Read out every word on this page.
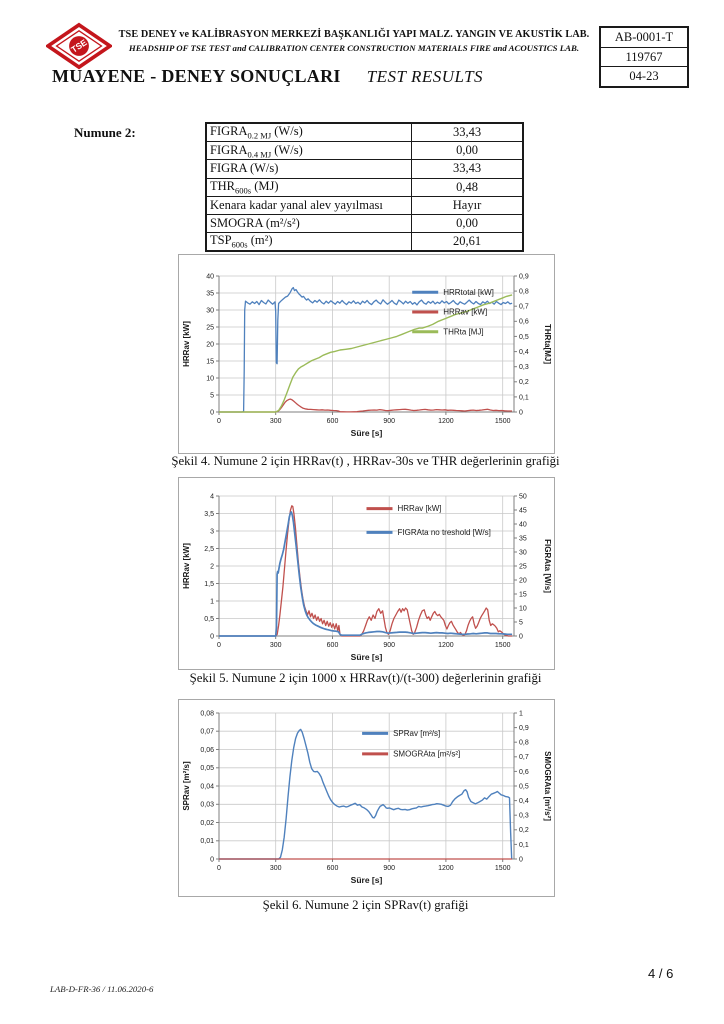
TSE
TSE DENEY ve KALİBRASYON MERKEZİ BAŞKANLIĞI YAPI MALZ. YANGIN VE AKUSTİK LAB.
HEADSHIP OF TSE TEST and CALIBRATION CENTER CONSTRUCTION MATERIALS FIRE and ACOUSTICS LAB.
AB-0001-T
119767
04-23
MUAYENE - DENEY SONUÇLARI TEST RESULTS
Numune 2:	$FIGRA_{0.2 MJ}$ (W/s)	33,43
$FIGRA_{0.4 MJ}$ (W/s)	0,00
FIGRA (W/s)	33,43
$THR_{600s}$ (MJ)	0,48
Kenara kadar yanal alev yayılması	Hayır
SMOGRA (m²/s²)	0,00
$TSP_{600s}$ (m²)	20,61
0
5
10
15
20
25
30
35
40
0
0,1
0,2
0,3
0,4
0,5
0,6
0,7
0,8
0,9
0	300	600	900	1200	1500
HRRav [kW]	THRta[MJ]
Süre [s]
HRRtotal [kW]
HRRav [kW]
THRta [MJ]
Şekil 4. Numune 2 için HRRav(t) , HRRav-30s ve THR değerlerinin grafiği
0
0,5
1
1,5
2
2,5
3
3,5
4
0
5
10
15
20
25
30
35
40
45
50
0	300	600	900	1200	1500
HRRav [kW]	FIGRAta [W/s]
Süre [s]
HRRav [kW]
FIGRAta no treshold [W/s]
Şekil 5. Numune 2 için 1000 x HRRav(t)/(t-300) değerlerinin grafiği
0
0,01
0,02
0,03
0,04
0,05
0,06
0,07
0,08
0
0,1
0,2
0,3
0,4
0,5
0,6
0,7
0,8
0,9
1
0	300	600	900	1200	1500
SPRav [m²/s]	SMOGRAta [m²/s²]
Süre [s]
SPRav [m²/s]
SMOGRAta [m²/s²]
Şekil 6. Numune 2 için SPRav(t) grafiği
LAB-D-FR-36 / 11.06.2020-6
4 / 6
